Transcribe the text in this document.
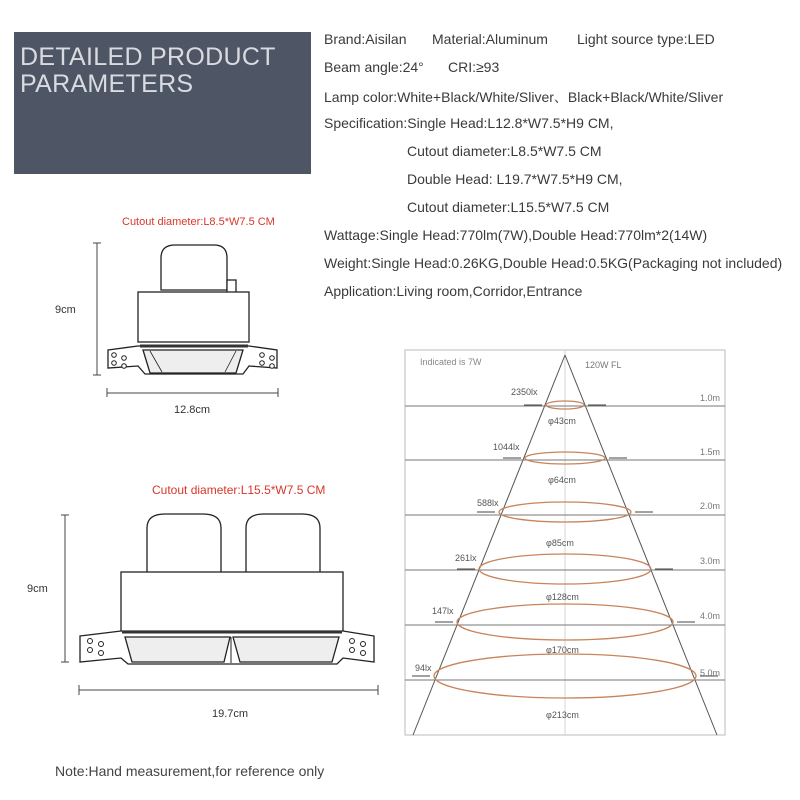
DETAILED PRODUCT
PARAMETERS
Brand:Aisilan Material:Aluminum Light source type:LED
Beam angle:24° CRI:≥93
Lamp color:White+Black/White/Sliver、Black+Black/White/Sliver
Specification:Single Head:L12.8*W7.5*H9 CM,
Cutout diameter:L8.5*W7.5 CM
Double Head: L19.7*W7.5*H9 CM,
Cutout diameter:L15.5*W7.5 CM
Wattage:Single Head:770lm(7W),Double Head:770lm*2(14W)
Weight:Single Head:0.26KG,Double Head:0.5KG(Packaging not included)
Application:Living room,Corridor,Entrance
Cutout diameter:L8.5*W7.5 CM
9cm
12.8cm
Cutout diameter:L15.5*W7.5 CM
9cm
19.7cm
Indicated is 7W	120W FL
2350lx
φ43cm
1.0m
1044lx
φ64cm
1.5m
588lx
φ85cm
2.0m
261lx
φ128cm
3.0m
147lx
φ170cm
4.0m
94lx
φ213cm
5.0m
Note:Hand measurement,for reference only
